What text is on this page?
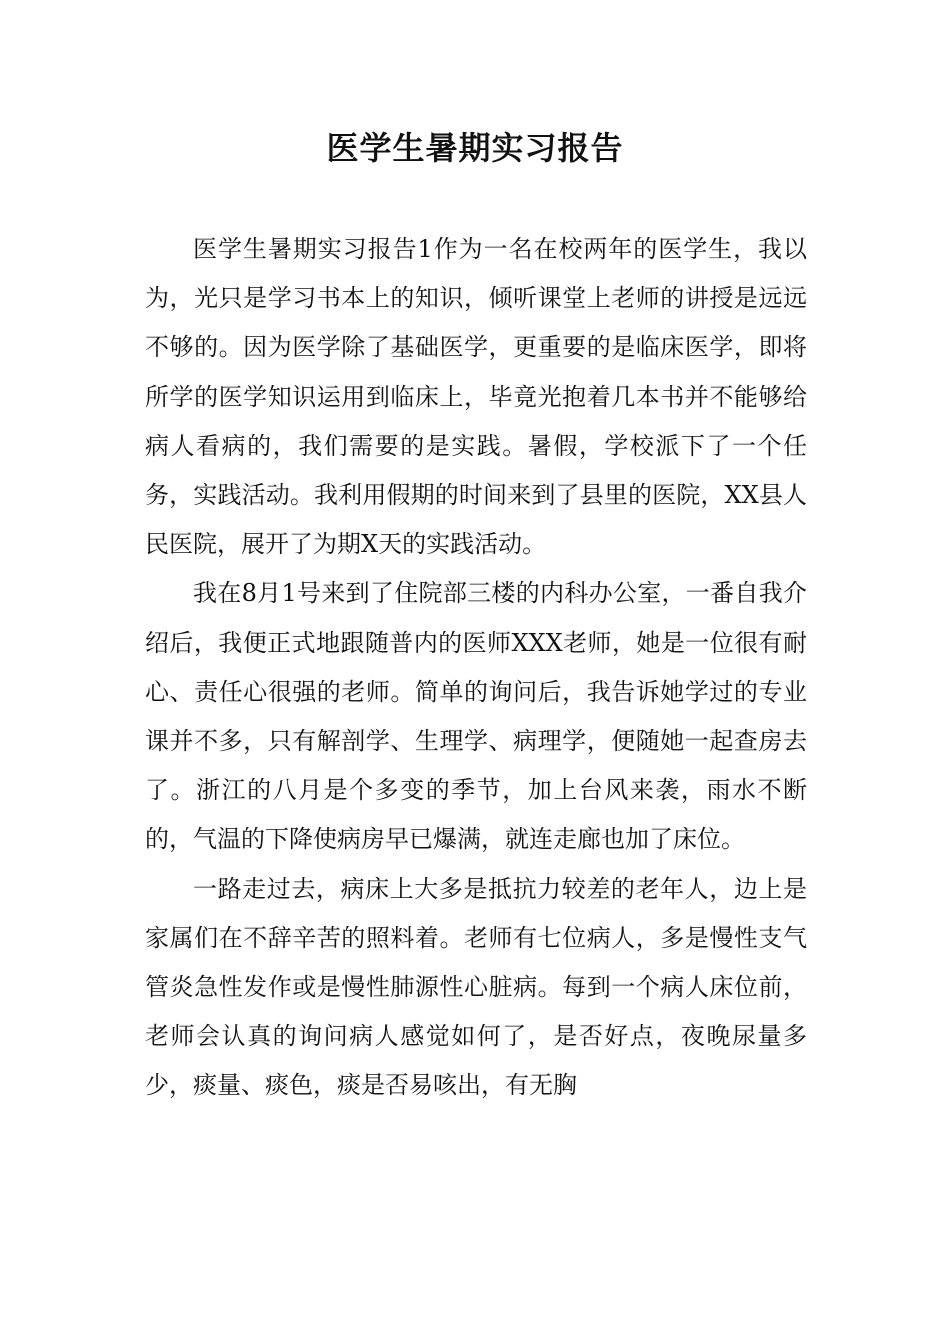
医学生暑期实习报告

医学生暑期实习报告1作为一名在校两年的医学生，我以为，光只是学习书本上的知识，倾听课堂上老师的讲授是远远不够的。因为医学除了基础医学，更重要的是临床医学，即将所学的医学知识运用到临床上，毕竟光抱着几本书并不能够给病人看病的，我们需要的是实践。暑假，学校派下了一个任务，实践活动。我利用假期的时间来到了县里的医院，XX县人民医院，展开了为期X天的实践活动。

我在8月1号来到了住院部三楼的内科办公室，一番自我介绍后，我便正式地跟随普内的医师XXX老师，她是一位很有耐心、责任心很强的老师。简单的询问后，我告诉她学过的专业课并不多，只有解剖学、生理学、病理学，便随她一起查房去了。浙江的八月是个多变的季节，加上台风来袭，雨水不断的，气温的下降使病房早已爆满，就连走廊也加了床位。

一路走过去，病床上大多是抵抗力较差的老年人，边上是家属们在不辞辛苦的照料着。老师有七位病人，多是慢性支气管炎急性发作或是慢性肺源性心脏病。每到一个病人床位前，老师会认真的询问病人感觉如何了，是否好点，夜晚尿量多少，痰量、痰色，痰是否易咳出，有无胸
